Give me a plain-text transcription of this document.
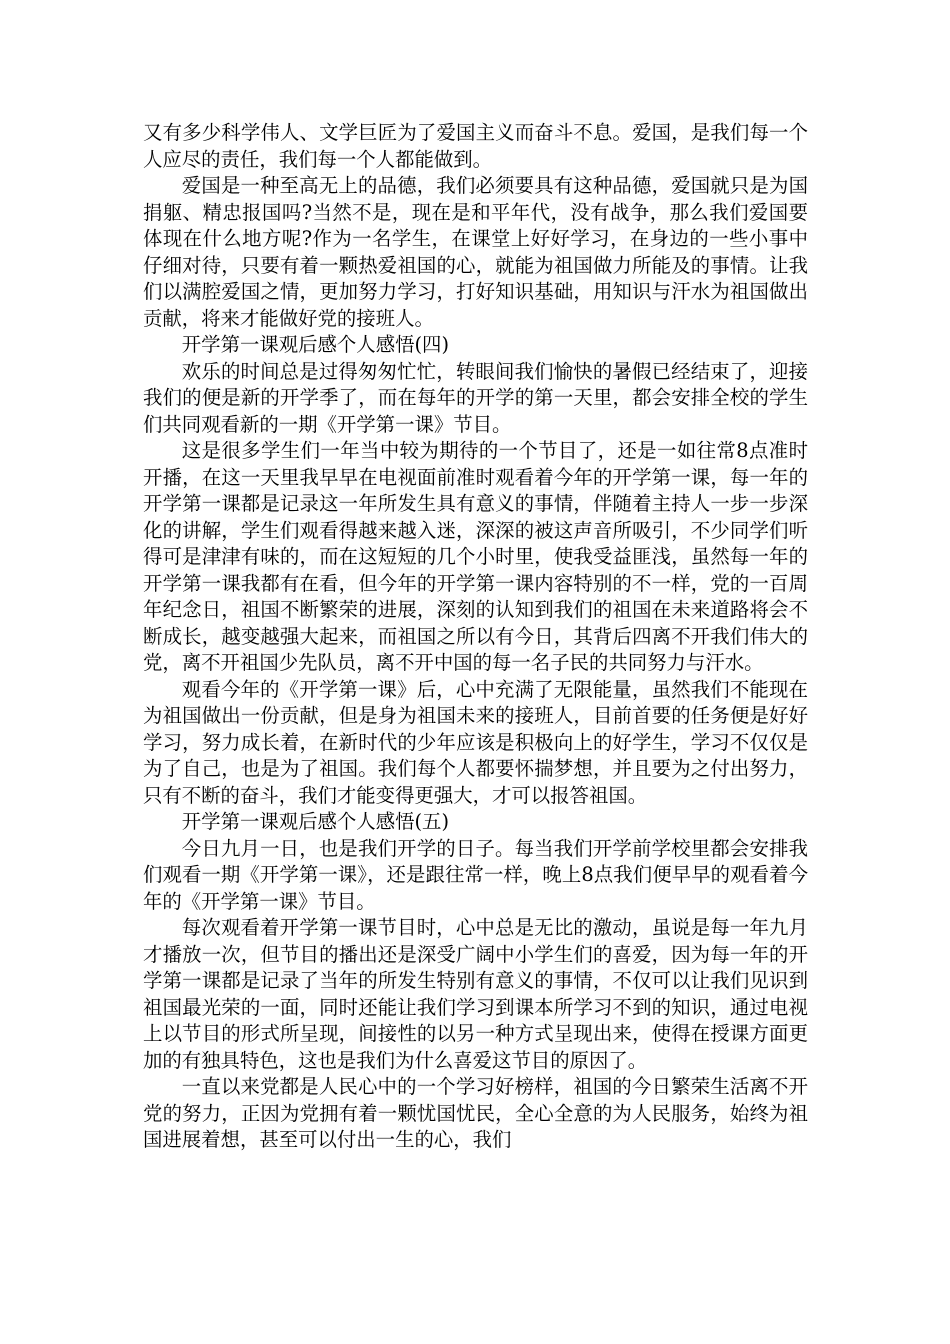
又有多少科学伟人、文学巨匠为了爱国主义而奋斗不息。爱国，是我们每一个人应尽的责任，我们每一个人都能做到。

爱国是一种至高无上的品德，我们必须要具有这种品德，爱国就只是为国捐躯、精忠报国吗?当然不是，现在是和平年代，没有战争，那么我们爱国要体现在什么地方呢?作为一名学生，在课堂上好好学习，在身边的一些小事中仔细对待，只要有着一颗热爱祖国的心，就能为祖国做力所能及的事情。让我们以满腔爱国之情，更加努力学习，打好知识基础，用知识与汗水为祖国做出贡献，将来才能做好党的接班人。

开学第一课观后感个人感悟(四)

欢乐的时间总是过得匆匆忙忙，转眼间我们愉快的暑假已经结束了，迎接我们的便是新的开学季了，而在每年的开学的第一天里，都会安排全校的学生们共同观看新的一期《开学第一课》节目。

这是很多学生们一年当中较为期待的一个节目了，还是一如往常8点准时开播，在这一天里我早早在电视面前准时观看着今年的开学第一课，每一年的开学第一课都是记录这一年所发生具有意义的事情，伴随着主持人一步一步深化的讲解，学生们观看得越来越入迷，深深的被这声音所吸引，不少同学们听得可是津津有味的，而在这短短的几个小时里，使我受益匪浅，虽然每一年的开学第一课我都有在看，但今年的开学第一课内容特别的不一样，党的一百周年纪念日，祖国不断繁荣的进展，深刻的认知到我们的祖国在未来道路将会不断成长，越变越强大起来，而祖国之所以有今日，其背后四离不开我们伟大的党，离不开祖国少先队员，离不开中国的每一名子民的共同努力与汗水。

观看今年的《开学第一课》后，心中充满了无限能量，虽然我们不能现在为祖国做出一份贡献，但是身为祖国未来的接班人，目前首要的任务便是好好学习，努力成长着，在新时代的少年应该是积极向上的好学生，学习不仅仅是为了自己，也是为了祖国。我们每个人都要怀揣梦想，并且要为之付出努力，只有不断的奋斗，我们才能变得更强大，才可以报答祖国。

开学第一课观后感个人感悟(五)

今日九月一日，也是我们开学的日子。每当我们开学前学校里都会安排我们观看一期《开学第一课》，还是跟往常一样，晚上8点我们便早早的观看着今年的《开学第一课》节目。

每次观看着开学第一课节目时，心中总是无比的激动，虽说是每一年九月才播放一次，但节目的播出还是深受广阔中小学生们的喜爱，因为每一年的开学第一课都是记录了当年的所发生特别有意义的事情，不仅可以让我们见识到祖国最光荣的一面，同时还能让我们学习到课本所学习不到的知识，通过电视上以节目的形式所呈现，间接性的以另一种方式呈现出来，使得在授课方面更加的有独具特色，这也是我们为什么喜爱这节目的原因了。

一直以来党都是人民心中的一个学习好榜样，祖国的今日繁荣生活离不开党的努力，正因为党拥有着一颗忧国忧民，全心全意的为人民服务，始终为祖国进展着想，甚至可以付出一生的心，我们
